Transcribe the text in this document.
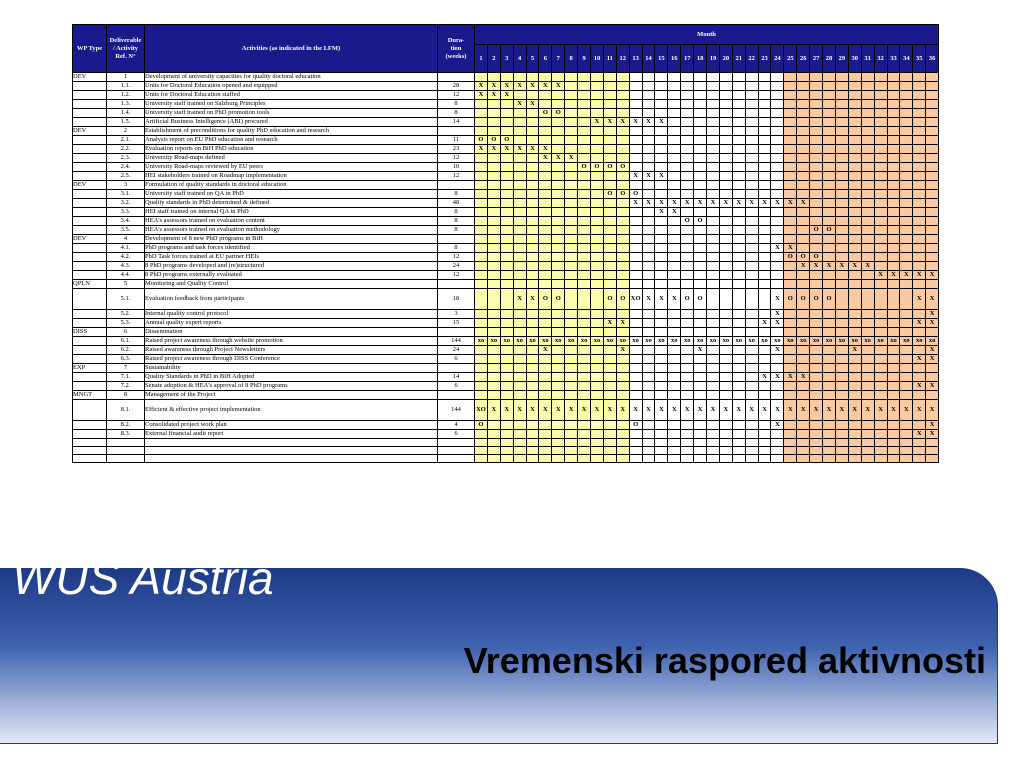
WP Type	Deliverable
/ Activity
Ref. N°	Activities (as indicated in the LFM)	Dura-
tion
(weeks)	Month																																			
				1	2	3	4	5	6	7	8	9	10	11	12	13	14	15	16	17	18	19	20	21	22	23	24	25	26	27	28	29	30	31	32	33	34	35	36
DEV	1	Development of university capacities for quality doctoral education																																					
	1.1.	Units for Doctoral Education opened and equipped	28	X	X	X	X	X	X	X																													
	1.2.	Units for Doctoral Education staffed	12	X	X	X																																	
	1.3.	University staff trained on Salzburg Principles	8				X	X																															
	1.4.	University staff trained on PhD promotion tools	8						O	O																													
	1.5.	Artificial Business Intelligence (ABI) procured	14										X	X	X	X	X	X																					
DEV	2	Establishment of preconditions for quality PhD education and research																																					
	2.1.	Analysis report on EU PhD education and research	11	O	O	O																																	
	2.2.	Evaluation reports on BiH PhD education	23	X	X	X	X	X	X																														
	2.3.	University Road-maps defined	12						X	X	X																												
	2.4.	University Road-maps reviewed by EU peers	10									O	O	O	O																								
	2.5.	HEI stakeholders trained on Roadmap implementation	12													X	X	X																					
DEV	3	Formulation of quality standards in doctoral education																																					
	3.1.	University staff trained on QA in PhD	8											O	O	O																							
	3.2.	Quality standards in PhD determined & defined	48													X	X	X	X	X	X	X	X	X	X	X	X	X	X										
	3.3.	HEI staff trained on internal QA in PhD	8															X	X																				
	3.4.	HEA's assessors trained on evaluation content	8																	O	O																		
	3.5.	HEA's assessors trained on evaluation methodology	8																											O	O								
DEV	4	Development of 8 new PhD programs in BiH																																					
	4.1.	PhD programs and task forces identified	8																								X	X											
	4.2.	PhD Task forces trained at EU partner HEIs	12																									O	O	O									
	4.3.	8 PhD programs developed and (re)structured	24																										X	X	X	X	X	X					
	4.4.	8 PhD programs externally evaluated	12																																X	X	X	X	X
QPLN	5	Monitoring and Quality Control																																					
	5.1.	Evaluation feedback from participants	18				X	X	O	O				O	O	XO	X	X	X	O	O						X	O	O	O	O							X	X
	5.2.	Internal quality control protocol	3																								X												X
	5.3.	Annual quality expert reports	15											X	X											X	X											X	X
DISS	6	Dissemination																																					
	6.1.	Raised project awareness through website promotion	144	xo	xo	xo	xo	xo	xo	xo	xo	xo	xo	xo	xo	xo	xo	xo	xo	xo	xo	xo	xo	xo	xo	xo	xo	xo	xo	xo	xo	xo	xo	xo	xo	xo	xo	xo	xo
	6.2.	Raised awareness through Project Newsletters	24						X						X						X						X						X						X
	6.3.	Raised project awareness through DISS Conference	6																																			X	X
EXP	7	Sustainability																																					
	7.1.	Quality Standards in PhD in BiH Adopted	14																							X	X	X	X										
	7.2.	Senate adoption & HEA's approval of 8 PhD programs	6																																			X	X
MNGT	8	Management of the Project																																					
	8.1.	Efficient & effective project implementation	144	XO	X	X	X	X	X	X	X	X	X	X	X	X	X	X	X	X	X	X	X	X	X	X	X	X	X	X	X	X	X	X	X	X	X	X	X
	8.2.	Consolidated project work plan	4	O												O											X												X
	8.3.	External financial audit report	6																																			X	X

WUS Austria
Vremenski raspored aktivnosti
